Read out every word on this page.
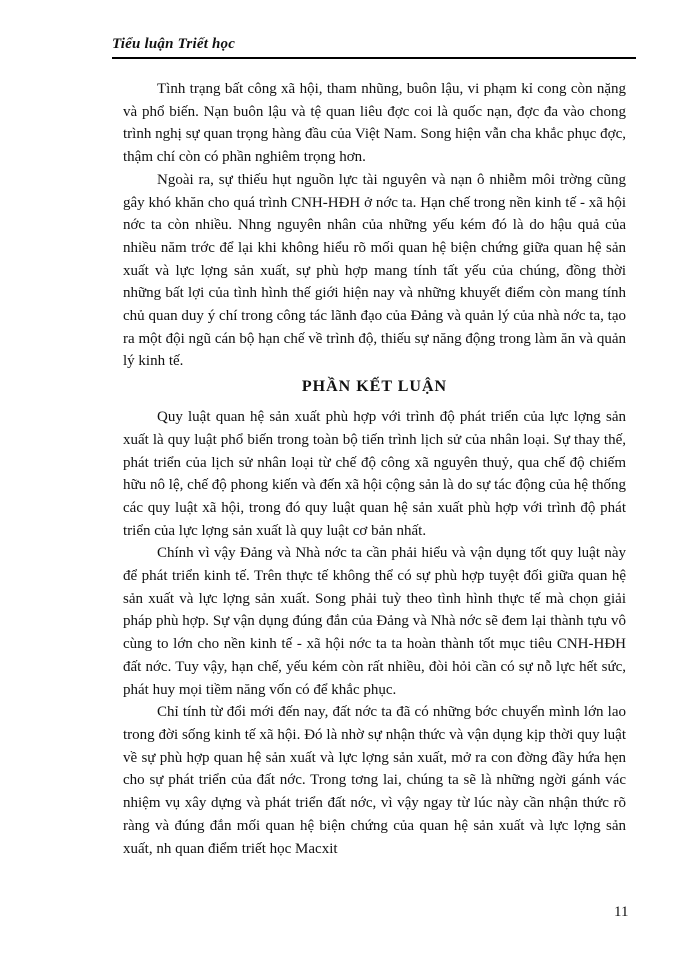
Tiểu luận Triết học

Tình trạng bất công xã hội, tham nhũng, buôn lậu, vi phạm kỉ cong còn nặng và phổ biến. Nạn buôn lậu và tệ quan liêu đợc coi là quốc nạn, đợc đa vào chong trình nghị sự quan trọng hàng đầu của Việt Nam. Song hiện vẫn cha khắc phục đợc, thậm chí còn có phần nghiêm trọng hơn.

Ngoài ra, sự thiếu hụt nguồn lực tài nguyên và nạn ô nhiễm môi trờng cũng gây khó khăn cho quá trình CNH-HĐH ở nớc ta. Hạn chế trong nền kinh tế - xã hội nớc ta còn nhiều. Nhng nguyên nhân của những yếu kém đó là do hậu quả của nhiều năm trớc để lại khi không hiểu rõ mối quan hệ biện chứng giữa quan hệ sản xuất và lực lợng sản xuất, sự phù hợp mang tính tất yếu của chúng, đồng thời những bất lợi của tình hình thế giới hiện nay và những khuyết điểm còn mang tính chủ quan duy ý chí trong công tác lãnh đạo của Đảng và quản lý của nhà nớc ta, tạo ra một đội ngũ cán bộ hạn chế về trình độ, thiếu sự năng động trong làm ăn và quản lý kinh tế.

PHẦN KẾT LUẬN

Quy luật quan hệ sản xuất phù hợp với trình độ phát triển của lực lợng sản xuất là quy luật phổ biến trong toàn bộ tiến trình lịch sử của nhân loại. Sự thay thế, phát triển của lịch sử nhân loại từ chế độ công xã nguyên thuỷ, qua chế độ chiếm hữu nô lệ, chế độ phong kiến và đến xã hội cộng sản là do sự tác động của hệ thống các quy luật xã hội, trong đó quy luật quan hệ sản xuất phù hợp với trình độ phát triển của lực lợng sản xuất là quy luật cơ bản nhất.

Chính vì vậy Đảng và Nhà nớc ta cần phải hiểu và vận dụng tốt quy luật này để phát triển kinh tế. Trên thực tế không thể có sự phù hợp tuyệt đối giữa quan hệ sản xuất và lực lợng sản xuất. Song phải tuỳ theo tình hình thực tế mà chọn giải pháp phù hợp. Sự vận dụng đúng đắn của Đảng và Nhà nớc sẽ đem lại thành tựu vô cùng to lớn cho nền kinh tế - xã hội nớc ta ta hoàn thành tốt mục tiêu CNH-HĐH đất nớc. Tuy vậy, hạn chế, yếu kém còn rất nhiều, đòi hỏi cần có sự nỗ lực hết sức, phát huy mọi tiềm năng vốn có để khắc phục.

Chỉ tính từ đổi mới đến nay, đất nớc ta đã có những bớc chuyển mình lớn lao trong đời sống kinh tế xã hội. Đó là nhờ sự nhận thức và vận dụng kịp thời quy luật về sự phù hợp quan hệ sản xuất và lực lợng sản xuất, mở ra con đờng đầy hứa hẹn cho sự phát triển của đất nớc. Trong tơng lai, chúng ta sẽ là những ngời gánh vác nhiệm vụ xây dựng và phát triển đất nớc, vì vậy ngay từ lúc này cần nhận thức rõ ràng và đúng đắn mối quan hệ biện chứng của quan hệ sản xuất và lực lợng sản xuất, nh quan điểm triết học Macxit

11
